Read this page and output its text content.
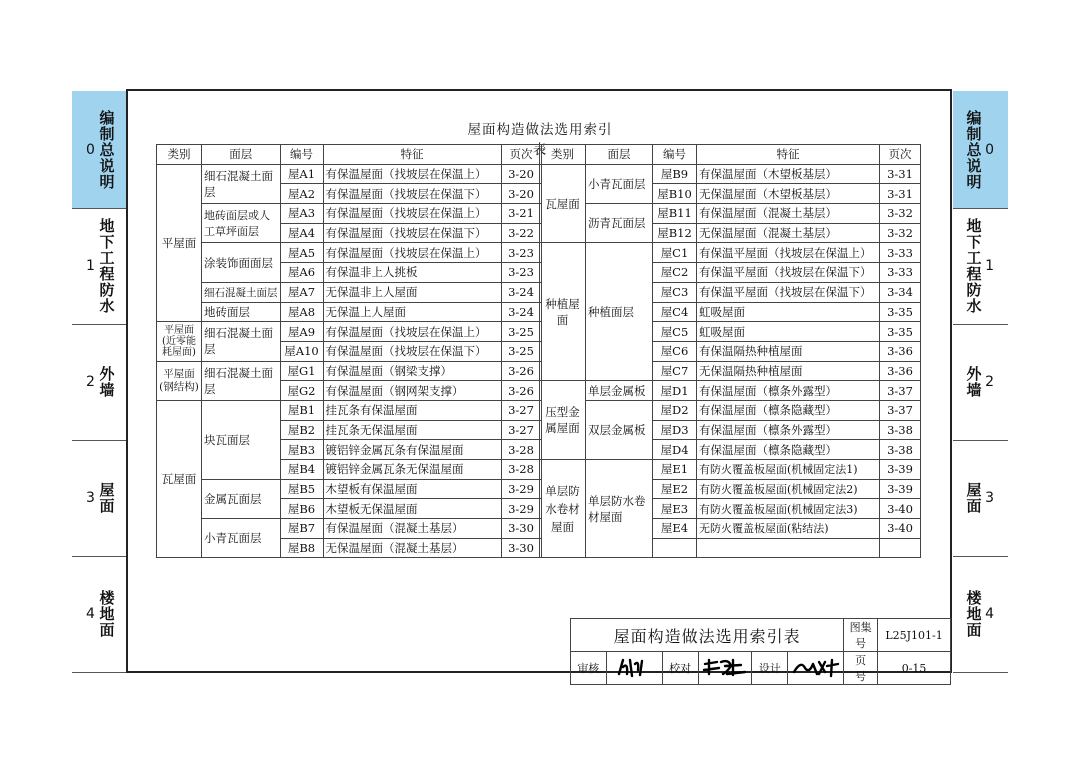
0 编制总说明
1 地下工程防水
2 外墙
3 屋面
4 楼地面
编制总说明 0
地下工程防水 1
外墙 2
屋面 3
楼地面 4
屋面构造做法选用索引表
类别	面层	编号	特征	页次
平屋面	细石混凝土面层	屋A1	有保温屋面（找坡层在保温上）	3-20
		屋A2	有保温屋面（找坡层在保温下）	3-20
	地砖面层或人工草坪面层	屋A3	有保温屋面（找坡层在保温上）	3-21
		屋A4	有保温屋面（找坡层在保温下）	3-22
	涂装饰面面层	屋A5	有保温屋面（找坡层在保温上）	3-23
		屋A6	有保温非上人挑板	3-23
	细石混凝土面层	屋A7	无保温非上人屋面	3-24
	地砖面层	屋A8	无保温上人屋面	3-24
平屋面(近零能耗屋面)	细石混凝土面层	屋A9	有保温屋面（找坡层在保温上）	3-25
		屋A10	有保温屋面（找坡层在保温下）	3-25
平屋面(钢结构)	细石混凝土面层	屋G1	有保温屋面（钢梁支撑）	3-26
		屋G2	有保温屋面（钢网架支撑）	3-26
瓦屋面	块瓦面层	屋B1	挂瓦条有保温屋面	3-27
		屋B2	挂瓦条无保温屋面	3-27
		屋B3	镀铝锌金属瓦条有保温屋面	3-28
		屋B4	镀铝锌金属瓦条无保温屋面	3-28
	金属瓦面层	屋B5	木望板有保温屋面	3-29
		屋B6	木望板无保温屋面	3-29
	小青瓦面层	屋B7	有保温屋面（混凝土基层）	3-30
		屋B8	无保温屋面（混凝土基层）	3-30
类别	面层	编号	特征	页次
瓦屋面	小青瓦面层	屋B9	有保温屋面（木望板基层）	3-31
		屋B10	无保温屋面（木望板基层）	3-31
	沥青瓦面层	屋B11	有保温屋面（混凝土基层）	3-32
		屋B12	无保温屋面（混凝土基层）	3-32
种植屋面	种植面层	屋C1	有保温平屋面（找坡层在保温上）	3-33
		屋C2	有保温平屋面（找坡层在保温下）	3-33
		屋C3	有保温平屋面（找坡层在保温下）	3-34
		屋C4	虹吸屋面	3-35
		屋C5	虹吸屋面	3-35
		屋C6	有保温隔热种植屋面	3-36
		屋C7	无保温隔热种植屋面	3-36
压型金属屋面	单层金属板	屋D1	有保温屋面（檩条外露型）	3-37
	双层金属板	屋D2	有保温屋面（檩条隐藏型）	3-37
		屋D3	有保温屋面（檩条外露型）	3-38
		屋D4	有保温屋面（檩条隐藏型）	3-38
单层防水卷材屋面	单层防水卷材屋面	屋E1	有防火覆盖板屋面(机械固定法1)	3-39
		屋E2	有防火覆盖板屋面(机械固定法2)	3-39
		屋E3	有防火覆盖板屋面(机械固定法3)	3-40
		屋E4	无防火覆盖板屋面(粘结法)	3-40

屋面构造做法选用索引表						图集号	L25J101-1
审核		校对		设计		页　号	0-15
